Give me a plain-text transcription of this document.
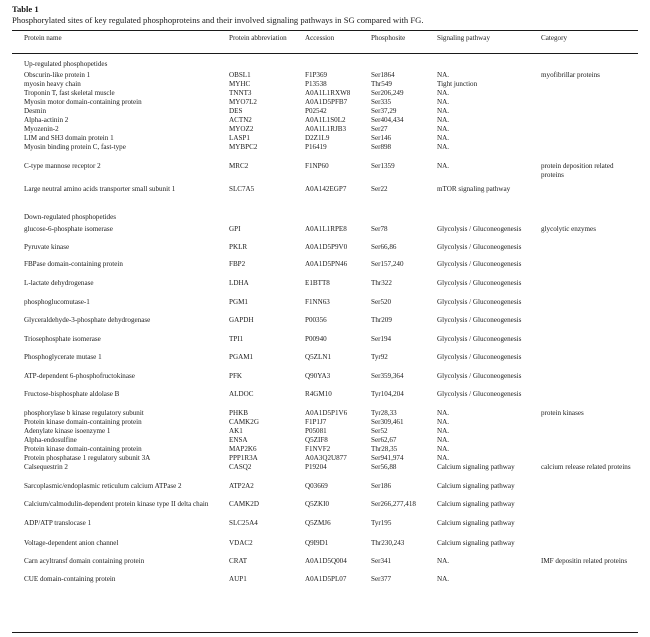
Table 1
Phosphorylated sites of key regulated phosphoproteins and their involved signaling pathways in SG compared with FG.
Protein name	Protein abbreviation	Accession	Phosphosite	Signaling pathway	Category
Up-regulated phosphopetides
Down-regulated phosphopetides
Obscurin-like protein 1	OBSL1	F1P369	Ser1864	NA.	myofibrillar proteins
myosin heavy chain	MYHC	P13538	Thr549	Tight junction
Troponin T, fast skeletal muscle	TNNT3	A0A1L1RXW8	Ser206,249	NA.
Myosin motor domain-containing protein	MYO7L2	A0A1D5PFB7	Ser335	NA.
Desmin	DES	P02542	Ser37,29	NA.
Alpha-actinin 2	ACTN2	A0A1L1S0L2	Ser404,434	NA.
Myozenin-2	MYOZ2	A0A1L1RJB3	Ser27	NA.
LIM and SH3 domain protein 1	LASP1	D2Z1L9	Ser146	NA.
Myosin binding protein C, fast-type	MYBPC2	P16419	Ser898	NA.
C-type mannose receptor 2	MRC2	F1NP60	Ser1359	NA.	protein deposition related proteins
Large neutral amino acids transporter small subunit 1	SLC7A5	A0A142EGP7	Ser22	mTOR signaling pathway
glucose-6-phosphate isomerase	GPI	A0A1L1RPE8	Ser78	Glycolysis / Gluconeogenesis	glycolytic enzymes
Pyruvate kinase	PKLR	A0A1D5P9V0	Ser66,86	Glycolysis / Gluconeogenesis
FBPase domain-containing protein	FBP2	A0A1D5PN46	Ser157,240	Glycolysis / Gluconeogenesis
L-lactate dehydrogenase	LDHA	E1BTT8	Thr322	Glycolysis / Gluconeogenesis
phosphoglucomutase-1	PGM1	F1NN63	Ser520	Glycolysis / Gluconeogenesis
Glyceraldehyde-3-phosphate dehydrogenase	GAPDH	P00356	Thr209	Glycolysis / Gluconeogenesis
Triosephosphate isomerase	TPI1	P00940	Ser194	Glycolysis / Gluconeogenesis
Phosphoglycerate mutase 1	PGAM1	Q5ZLN1	Tyr92	Glycolysis / Gluconeogenesis
ATP-dependent 6-phosphofructokinase	PFK	Q90YA3	Ser359,364	Glycolysis / Gluconeogenesis
Fructose-bisphosphate aldolase B	ALDOC	R4GM10	Tyr104,204	Glycolysis / Gluconeogenesis
phosphorylase b kinase regulatory subunit	PHKB	A0A1D5P1V6	Tyr28,33	NA.	protein kinases
Protein kinase domain-containing protein	CAMK2G	F1P1J7	Ser309,461	NA.
Adenylate kinase isoenzyme 1	AK1	P05081	Ser52	NA.
Alpha-endosulfine	ENSA	Q5ZIF8	Ser62,67	NA.
Protein kinase domain-containing protein	MAP2K6	F1NVF2	Thr28,35	NA.
Protein phosphatase 1 regulatory subunit 3A	PPP1R3A	A0A3Q2U877	Ser941,974	NA.
Calsequestrin 2	CASQ2	P19204	Ser56,88	Calcium signaling pathway	calcium release related proteins
Sarcoplasmic/endoplasmic reticulum calcium ATPase 2	ATP2A2	Q03669	Ser186	Calcium signaling pathway
Calcium/calmodulin-dependent protein kinase type II delta chain	CAMK2D	Q5ZKI0	Ser266,277,418	Calcium signaling pathway
ADP/ATP translocase 1	SLC25A4	Q5ZMJ6	Tyr195	Calcium signaling pathway
Voltage-dependent anion channel	VDAC2	Q9I9D1	Thr230,243	Calcium signaling pathway
Carn acyltransf domain containing protein	CRAT	A0A1D5Q004	Ser341	NA.	IMF depositin related proteins
CUE domain-containing protein	AUP1	A0A1D5PL07	Ser377	NA.
